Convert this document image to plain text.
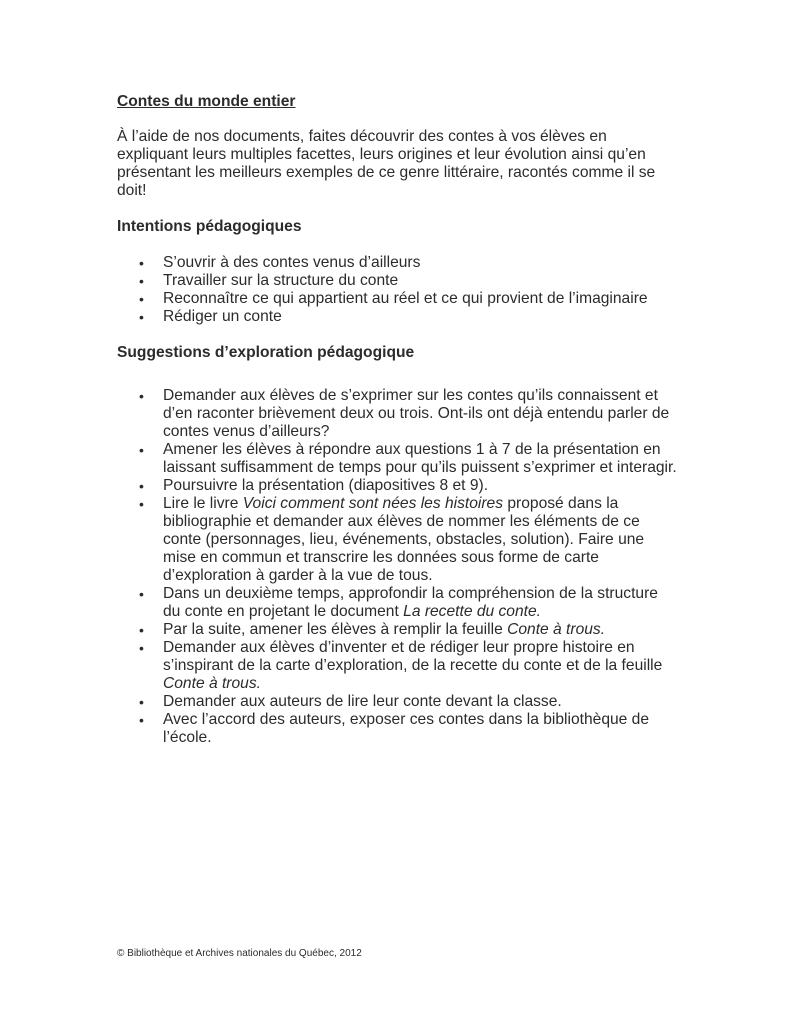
Contes du monde entier
À l’aide de nos documents, faites découvrir des contes à vos élèves en expliquant leurs multiples facettes, leurs origines et leur évolution ainsi qu’en présentant les meilleurs exemples de ce genre littéraire, racontés comme il se doit!
Intentions pédagogiques
• S’ouvrir à des contes venus d’ailleurs
• Travailler sur la structure du conte
• Reconnaître ce qui appartient au réel et ce qui provient de l’imaginaire
• Rédiger un conte
Suggestions d’exploration pédagogique
• Demander aux élèves de s’exprimer sur les contes qu’ils connaissent et d’en raconter brièvement deux ou trois. Ont-ils ont déjà entendu parler de contes venus d’ailleurs?
• Amener les élèves à répondre aux questions 1 à 7 de la présentation en laissant suffisamment de temps pour qu’ils puissent s’exprimer et interagir.
• Poursuivre la présentation (diapositives 8 et 9).
• Lire le livre Voici comment sont nées les histoires proposé dans la bibliographie et demander aux élèves de nommer les éléments de ce conte (personnages, lieu, événements, obstacles, solution). Faire une mise en commun et transcrire les données sous forme de carte d’exploration à garder à la vue de tous.
• Dans un deuxième temps, approfondir la compréhension de la structure du conte en projetant le document La recette du conte.
• Par la suite, amener les élèves à remplir la feuille Conte à trous.
• Demander aux élèves d’inventer et de rédiger leur propre histoire en s’inspirant de la carte d’exploration, de la recette du conte et de la feuille Conte à trous.
• Demander aux auteurs de lire leur conte devant la classe.
• Avec l’accord des auteurs, exposer ces contes dans la bibliothèque de l’école.
© Bibliothèque et Archives nationales du Québec, 2012
